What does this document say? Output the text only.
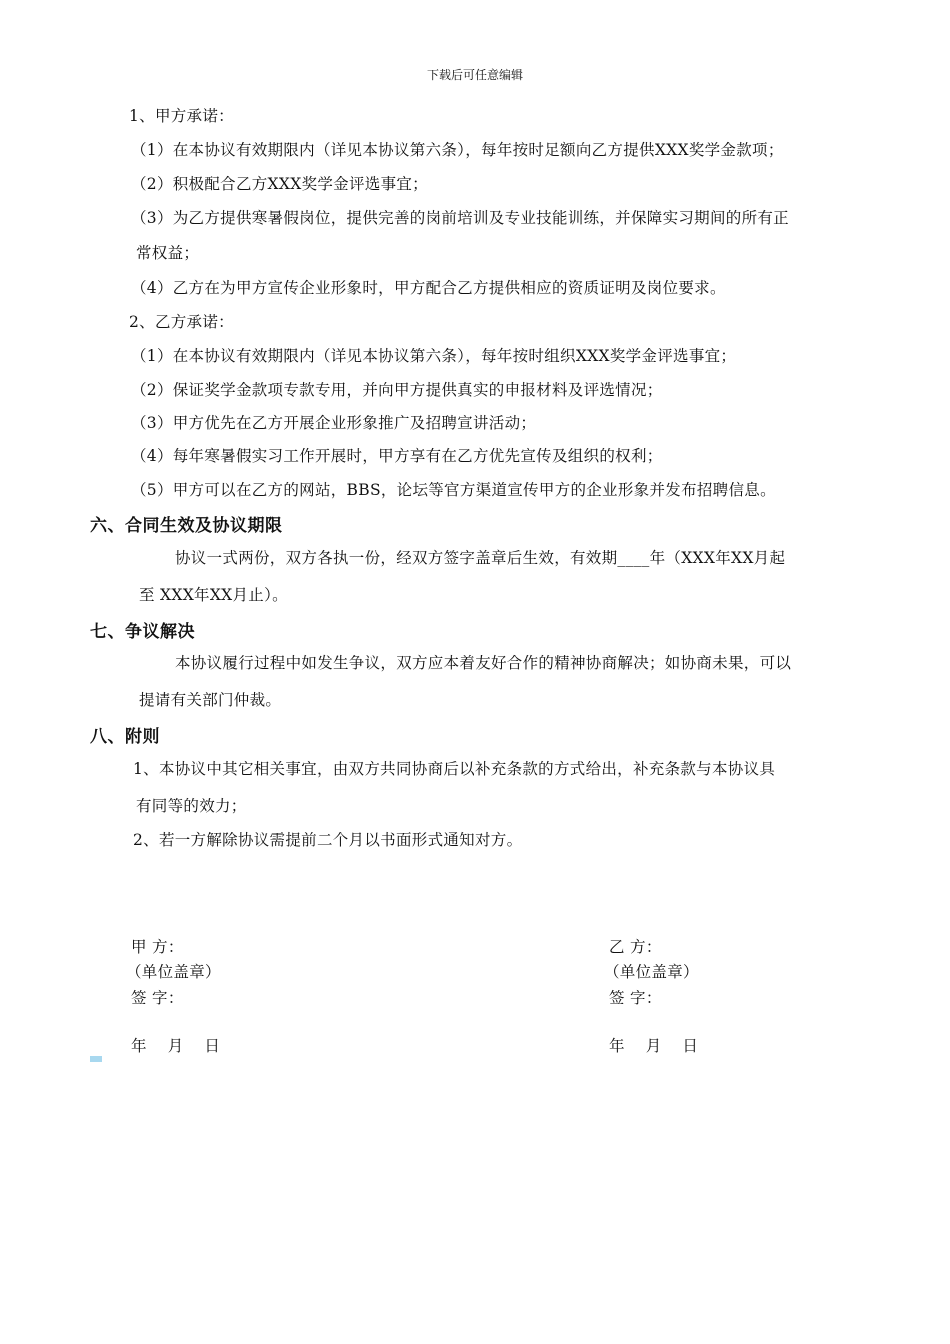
下载后可任意编辑
1、甲方承诺：
（1）在本协议有效期限内（详见本协议第六条），每年按时足额向乙方提供XXX奖学金款项；
（2）积极配合乙方XXX奖学金评选事宜；
（3）为乙方提供寒暑假岗位，提供完善的岗前培训及专业技能训练，并保障实习期间的所有正
常权益；
（4）乙方在为甲方宣传企业形象时，甲方配合乙方提供相应的资质证明及岗位要求。
2、乙方承诺：
（1）在本协议有效期限内（详见本协议第六条），每年按时组织XXX奖学金评选事宜；
（2）保证奖学金款项专款专用，并向甲方提供真实的申报材料及评选情况；
（3）甲方优先在乙方开展企业形象推广及招聘宣讲活动；
（4）每年寒暑假实习工作开展时，甲方享有在乙方优先宣传及组织的权利；
（5）甲方可以在乙方的网站，BBS，论坛等官方渠道宣传甲方的企业形象并发布招聘信息。
六、合同生效及协议期限
协议一式两份，双方各执一份，经双方签字盖章后生效，有效期____年（XXX年XX月起
至 XXX年XX月止）。
七、争议解决
本协议履行过程中如发生争议，双方应本着友好合作的精神协商解决；如协商未果，可以
提请有关部门仲裁。
八、附则
1、本协议中其它相关事宜，由双方共同协商后以补充条款的方式给出，补充条款与本协议具
有同等的效力；
2、若一方解除协议需提前二个月以书面形式通知对方。
甲 方：
（单位盖章）
签 字：
年    月    日
乙 方：
（单位盖章）
签 字：
年    月    日
